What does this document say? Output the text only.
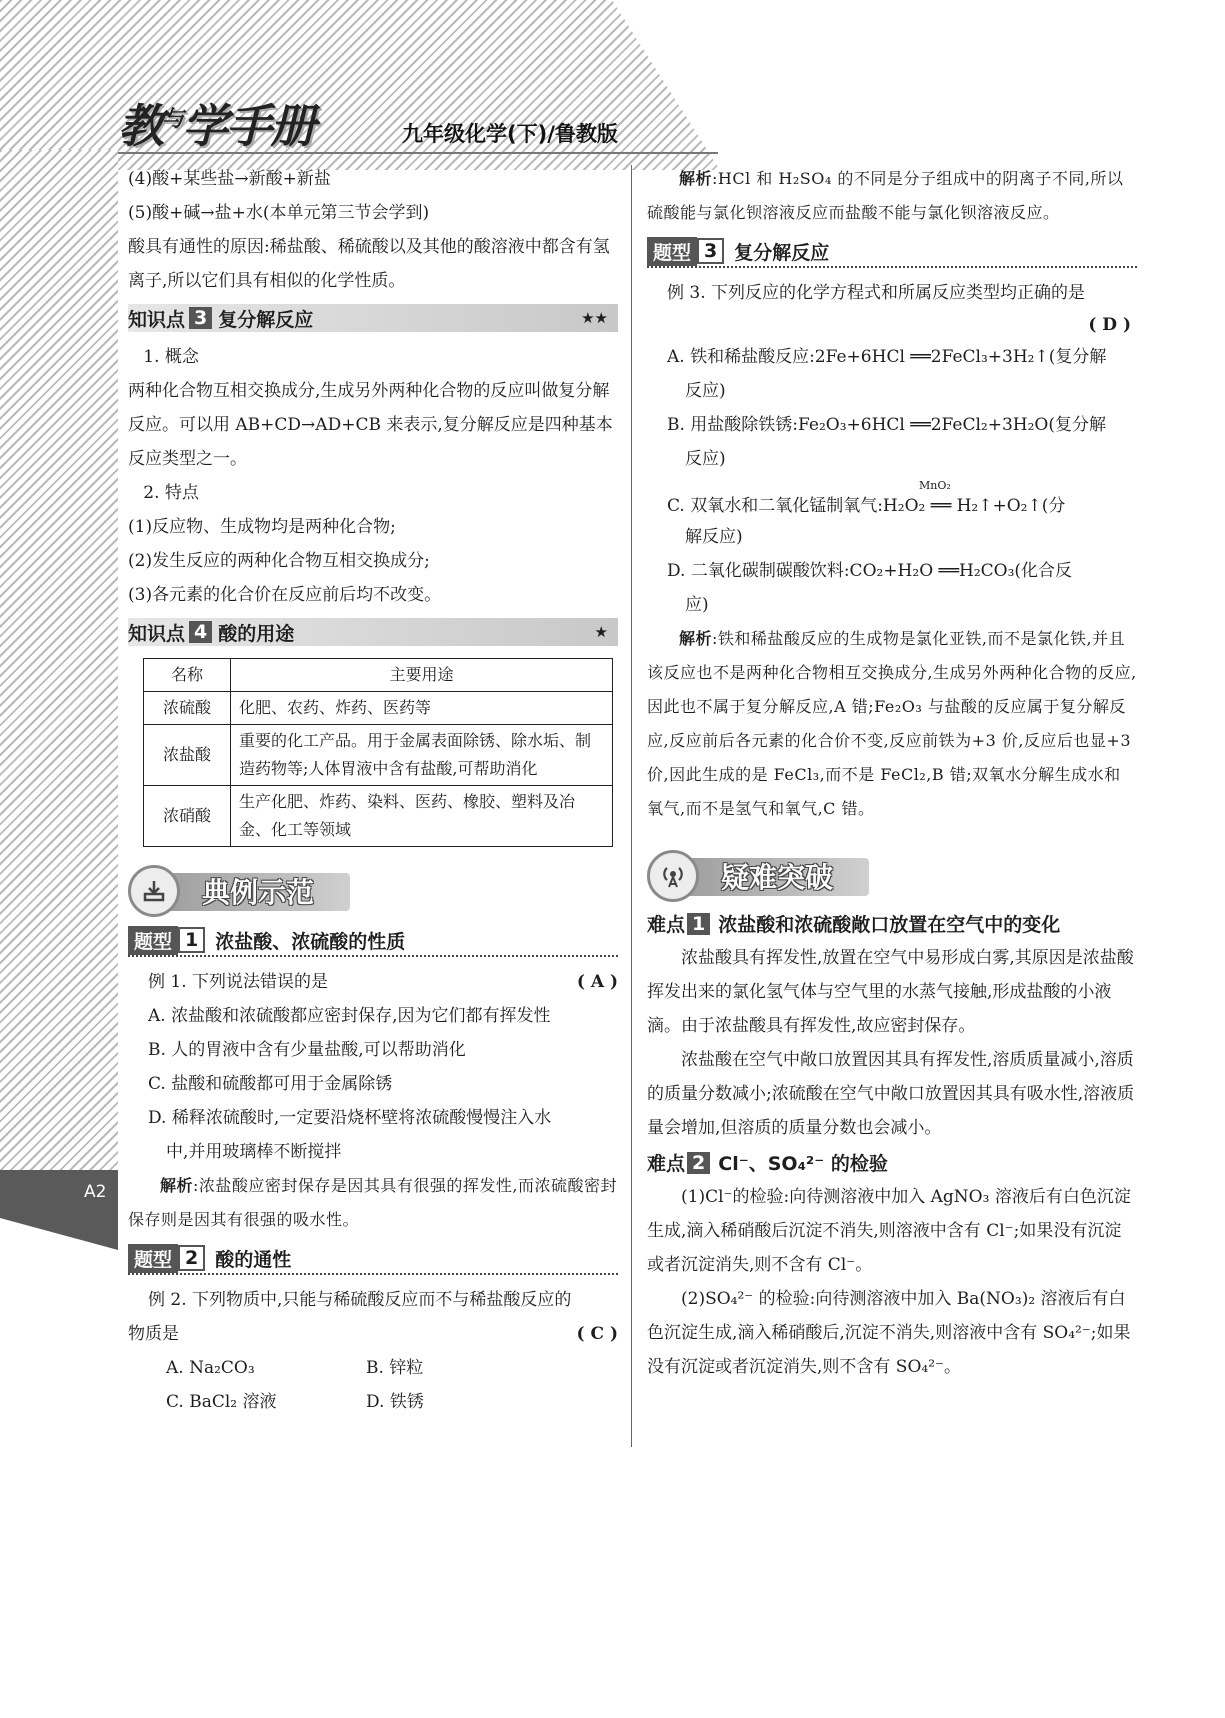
教与学手册	九年级化学(下)/鲁教版
A2

(4)酸+某些盐→新酸+新盐

(5)酸+碱→盐+水(本单元第三节会学到)

酸具有通性的原因:稀盐酸、稀硫酸以及其他的酸溶液中都含有氢离子,所以它们具有相似的化学性质。

知识点 3 复分解反应	★★

1. 概念

两种化合物互相交换成分,生成另外两种化合物的反应叫做复分解反应。可以用 AB+CD→AD+CB 来表示,复分解反应是四种基本反应类型之一。

2. 特点

(1)反应物、生成物均是两种化合物;

(2)发生反应的两种化合物互相交换成分;

(3)各元素的化合价在反应前后均不改变。

知识点 4 酸的用途	★
名称	主要用途
浓硫酸	化肥、农药、炸药、医药等
浓盐酸	重要的化工产品。用于金属表面除锈、除水垢、制造药物等;人体胃液中含有盐酸,可帮助消化
浓硝酸	生产化肥、炸药、染料、医药、橡胶、塑料及冶金、化工等领域
典例示范
题型 1 浓盐酸、浓硫酸的性质
例 1. 下列说法错误的是	( A )
A. 浓盐酸和浓硫酸都应密封保存,因为它们都有挥发性
B. 人的胃液中含有少量盐酸,可以帮助消化
C. 盐酸和硫酸都可用于金属除锈
D. 稀释浓硫酸时,一定要沿烧杯壁将浓硫酸慢慢注入水
中,并用玻璃棒不断搅拌

解析:浓盐酸应密封保存是因其具有很强的挥发性,而浓硫酸密封保存则是因其有很强的吸水性。

题型 2 酸的通性

例 2. 下列物质中,只能与稀硫酸反应而不与稀盐酸反应的

物质是	( C )
A. Na₂CO₃	B. 锌粒
C. BaCl₂ 溶液	D. 铁锈

解析:HCl 和 H₂SO₄ 的不同是分子组成中的阴离子不同,所以硫酸能与氯化钡溶液反应而盐酸不能与氯化钡溶液反应。

题型 3 复分解反应

例 3. 下列反应的化学方程式和所属反应类型均正确的是

( D )
A. 铁和稀盐酸反应:2Fe+6HCl ══2FeCl₃+3H₂↑(复分解
反应)
B. 用盐酸除铁锈:Fe₂O₃+6HCl ══2FeCl₂+3H₂O(复分解
反应)
MnO₂
C. 双氧水和二氧化锰制氧气:H₂O₂ ══ H₂↑+O₂↑(分
解反应)
D. 二氧化碳制碳酸饮料:CO₂+H₂O ══H₂CO₃(化合反
应)

解析:铁和稀盐酸反应的生成物是氯化亚铁,而不是氯化铁,并且该反应也不是两种化合物相互交换成分,生成另外两种化合物的反应,因此也不属于复分解反应,A 错;Fe₂O₃ 与盐酸的反应属于复分解反应,反应前后各元素的化合价不变,反应前铁为+3 价,反应后也显+3 价,因此生成的是 FeCl₃,而不是 FeCl₂,B 错;双氧水分解生成水和氧气,而不是氢气和氧气,C 错。

疑难突破
难点 1 浓盐酸和浓硫酸敞口放置在空气中的变化

浓盐酸具有挥发性,放置在空气中易形成白雾,其原因是浓盐酸挥发出来的氯化氢气体与空气里的水蒸气接触,形成盐酸的小液滴。由于浓盐酸具有挥发性,故应密封保存。

浓盐酸在空气中敞口放置因其具有挥发性,溶质质量减小,溶质的质量分数减小;浓硫酸在空气中敞口放置因其具有吸水性,溶液质量会增加,但溶质的质量分数也会减小。

难点 2 Cl⁻、SO₄²⁻ 的检验

(1)Cl⁻的检验:向待测溶液中加入 AgNO₃ 溶液后有白色沉淀生成,滴入稀硝酸后沉淀不消失,则溶液中含有 Cl⁻;如果没有沉淀或者沉淀消失,则不含有 Cl⁻。

(2)SO₄²⁻ 的检验:向待测溶液中加入 Ba(NO₃)₂ 溶液后有白色沉淀生成,滴入稀硝酸后,沉淀不消失,则溶液中含有 SO₄²⁻;如果没有沉淀或者沉淀消失,则不含有 SO₄²⁻。
